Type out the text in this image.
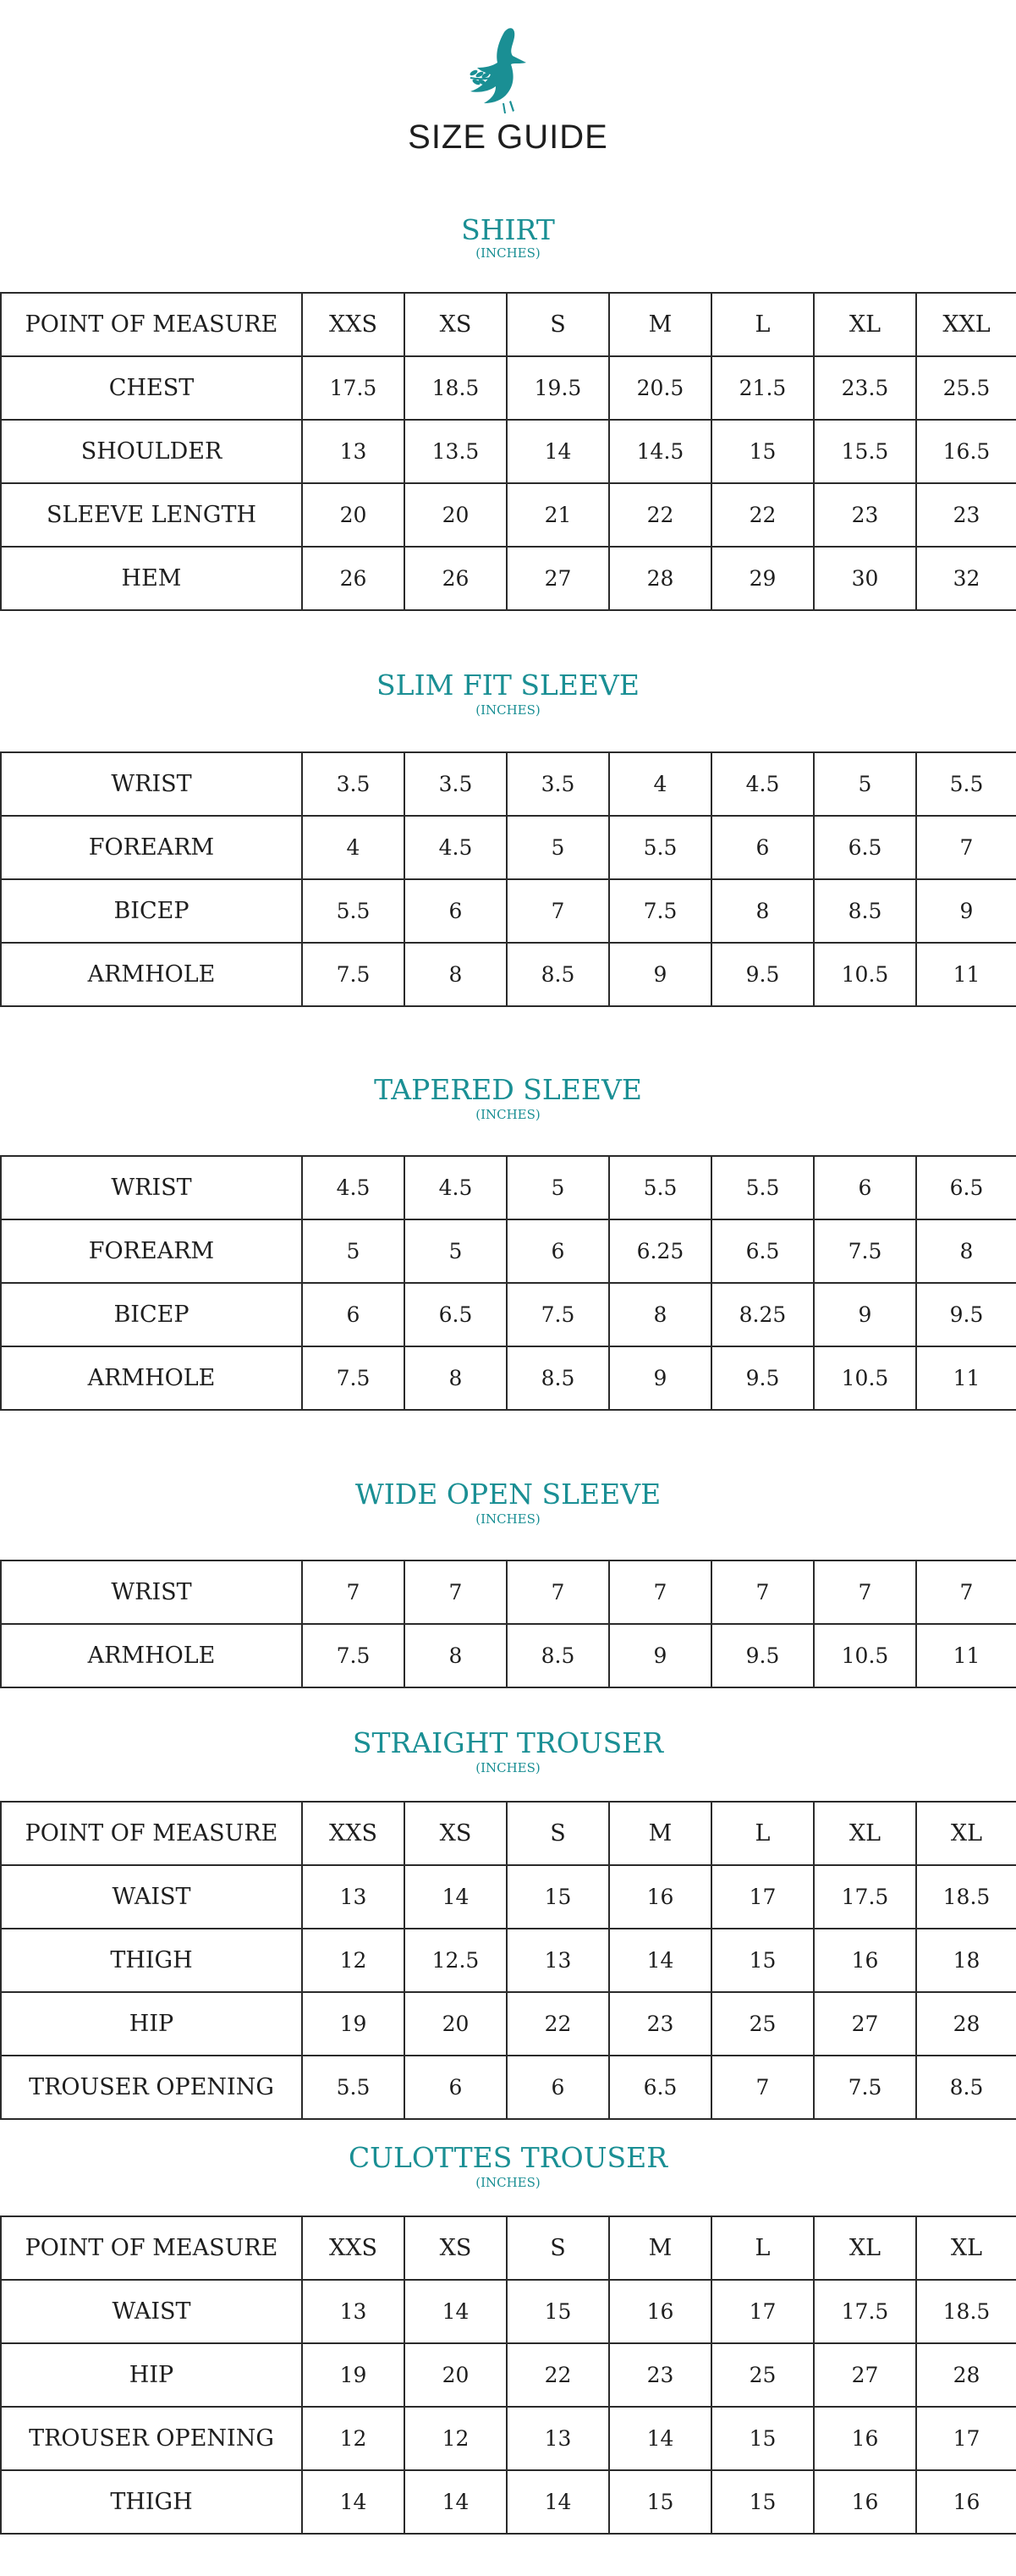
SIZE GUIDE
SHIRT
(INCHES)
POINT OF MEASURE	XXS	XS	S	M	L	XL	XXL
CHEST	17.5	18.5	19.5	20.5	21.5	23.5	25.5
SHOULDER	13	13.5	14	14.5	15	15.5	16.5
SLEEVE LENGTH	20	20	21	22	22	23	23
HEM	26	26	27	28	29	30	32
SLIM FIT SLEEVE
(INCHES)
WRIST	3.5	3.5	3.5	4	4.5	5	5.5
FOREARM	4	4.5	5	5.5	6	6.5	7
BICEP	5.5	6	7	7.5	8	8.5	9
ARMHOLE	7.5	8	8.5	9	9.5	10.5	11
TAPERED SLEEVE
(INCHES)
WRIST	4.5	4.5	5	5.5	5.5	6	6.5
FOREARM	5	5	6	6.25	6.5	7.5	8
BICEP	6	6.5	7.5	8	8.25	9	9.5
ARMHOLE	7.5	8	8.5	9	9.5	10.5	11
WIDE OPEN SLEEVE
(INCHES)
WRIST	7	7	7	7	7	7	7
ARMHOLE	7.5	8	8.5	9	9.5	10.5	11
STRAIGHT TROUSER
(INCHES)
POINT OF MEASURE	XXS	XS	S	M	L	XL	XL
WAIST	13	14	15	16	17	17.5	18.5
THIGH	12	12.5	13	14	15	16	18
HIP	19	20	22	23	25	27	28
TROUSER OPENING	5.5	6	6	6.5	7	7.5	8.5
CULOTTES TROUSER
(INCHES)
POINT OF MEASURE	XXS	XS	S	M	L	XL	XL
WAIST	13	14	15	16	17	17.5	18.5
HIP	19	20	22	23	25	27	28
TROUSER OPENING	12	12	13	14	15	16	17
THIGH	14	14	14	15	15	16	16
